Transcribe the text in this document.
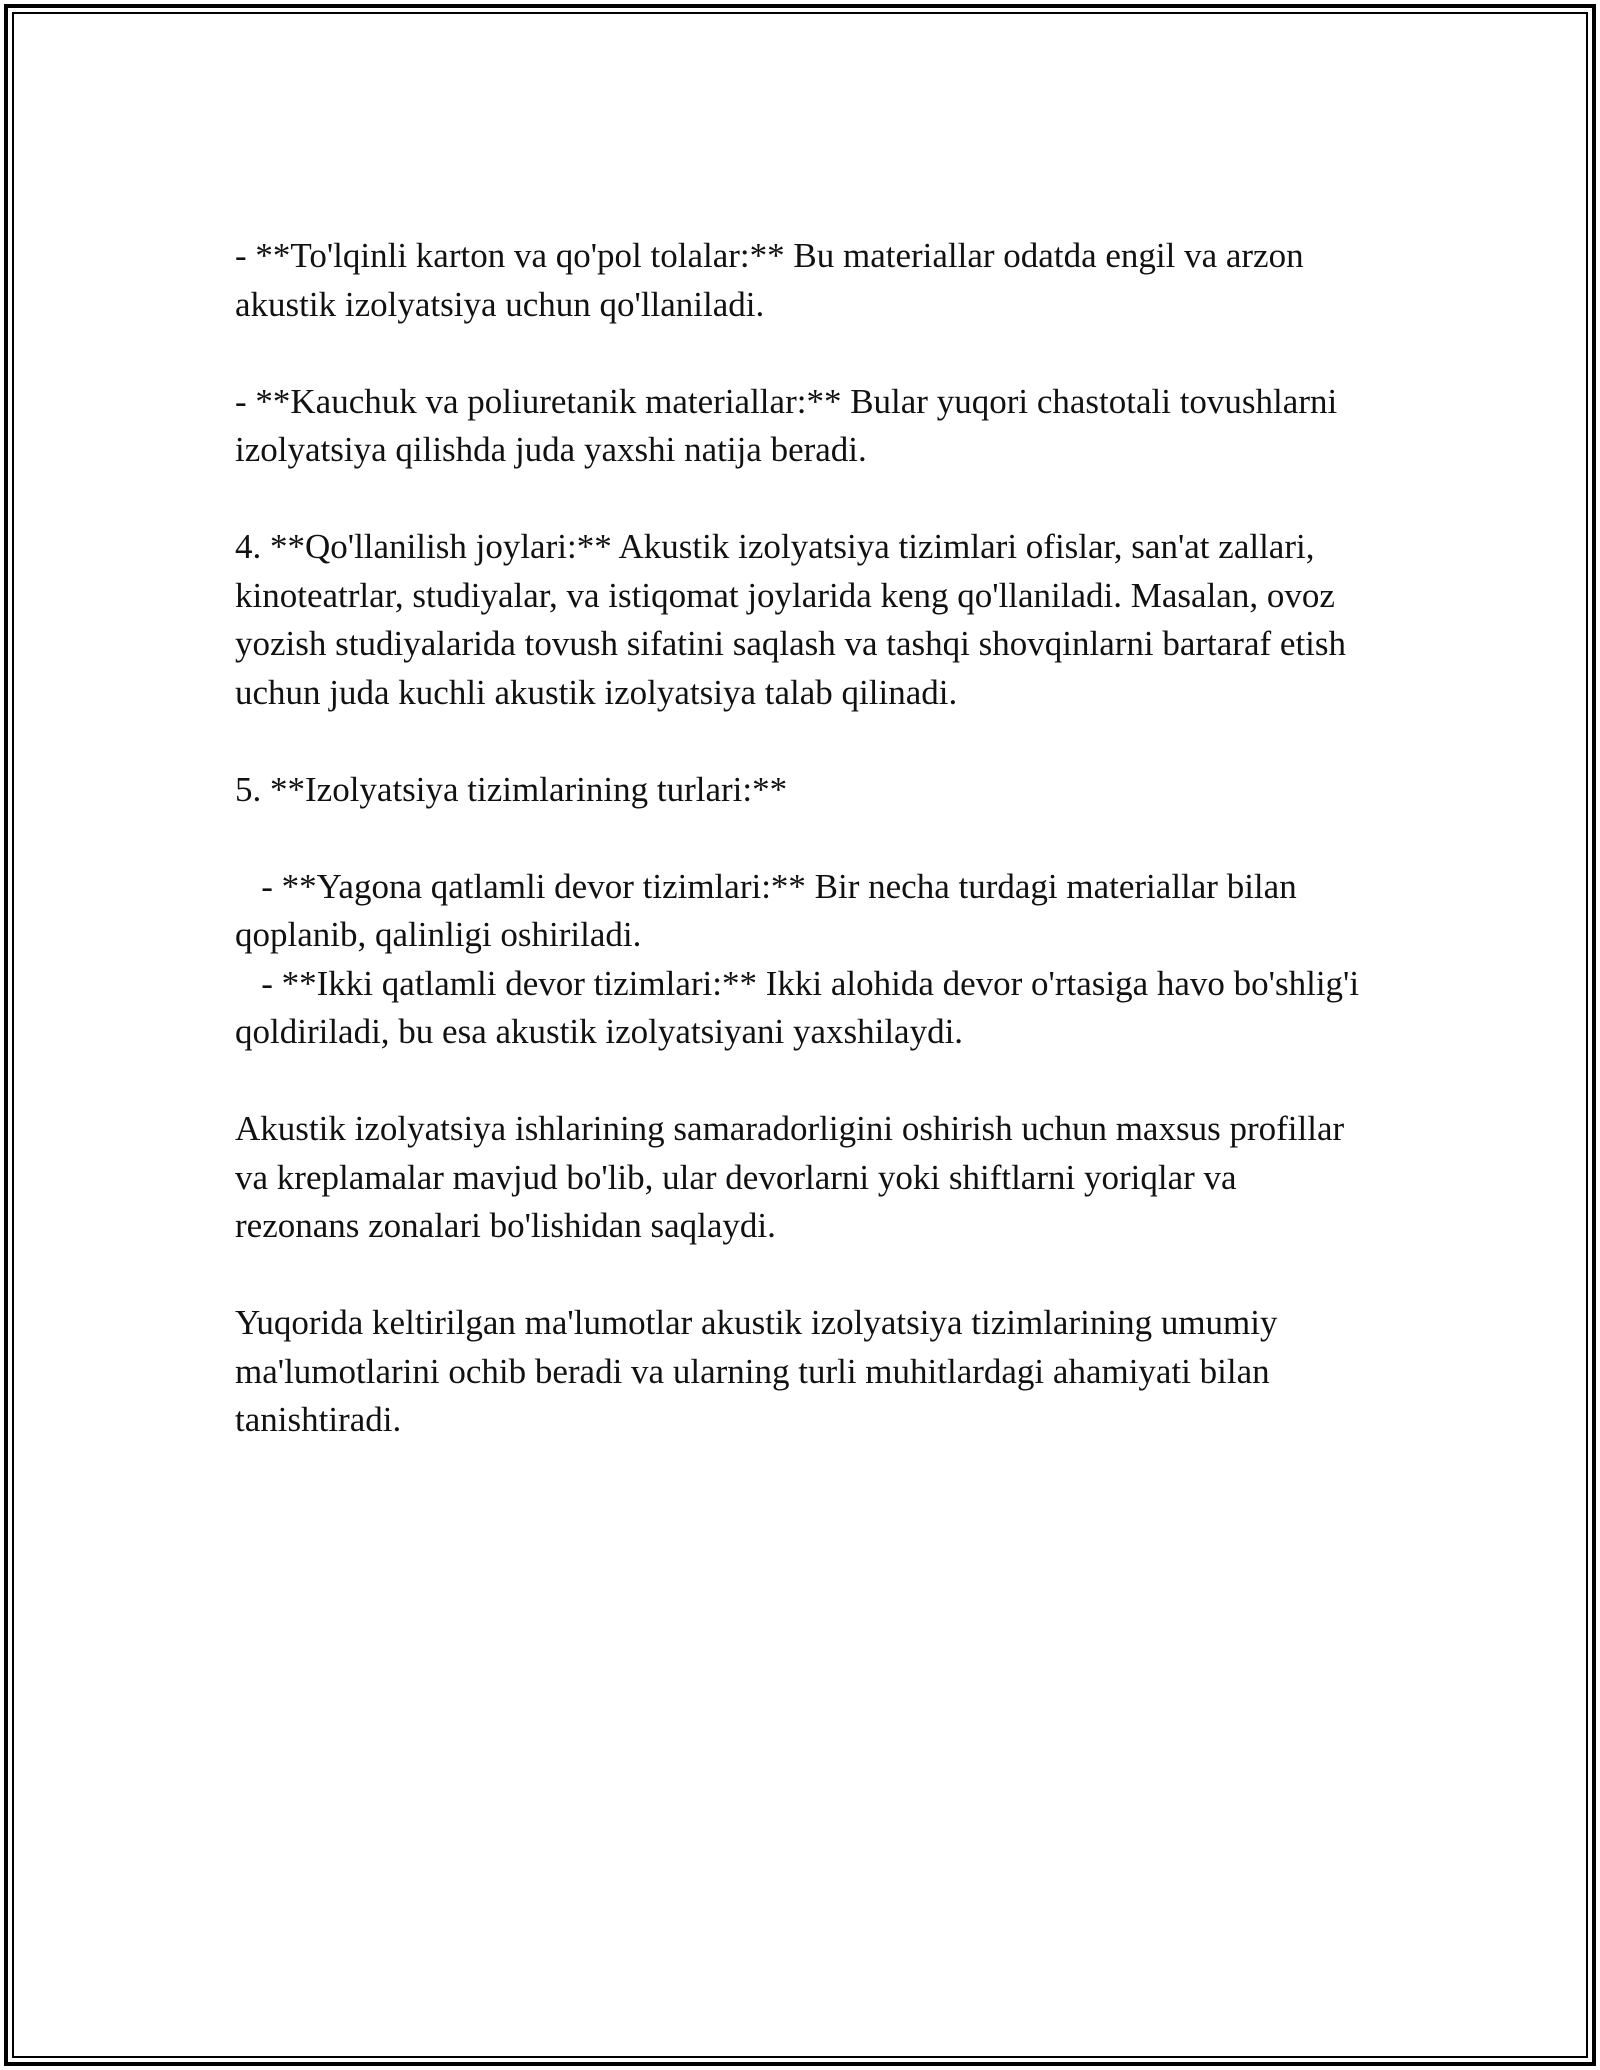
- **To'lqinli karton va qo'pol tolalar:** Bu materiallar odatda engil va arzon akustik izolyatsiya uchun qo'llaniladi.

- **Kauchuk va poliuretanik materiallar:** Bular yuqori chastotali tovushlarni izolyatsiya qilishda juda yaxshi natija beradi.

4. **Qo'llanilish joylari:** Akustik izolyatsiya tizimlari ofislar, san'at zallari, kinoteatrlar, studiyalar, va istiqomat joylarida keng qo'llaniladi. Masalan, ovoz yozish studiyalarida tovush sifatini saqlash va tashqi shovqinlarni bartaraf etish uchun juda kuchli akustik izolyatsiya talab qilinadi.

5. **Izolyatsiya tizimlarining turlari:**

- **Yagona qatlamli devor tizimlari:** Bir necha turdagi materiallar bilan qoplanib, qalinligi oshiriladi.

- **Ikki qatlamli devor tizimlari:** Ikki alohida devor o'rtasiga havo bo'shlig'i qoldiriladi, bu esa akustik izolyatsiyani yaxshilaydi.

Akustik izolyatsiya ishlarining samaradorligini oshirish uchun maxsus profillar va kreplamalar mavjud bo'lib, ular devorlarni yoki shiftlarni yoriqlar va rezonans zonalari bo'lishidan saqlaydi.

Yuqorida keltirilgan ma'lumotlar akustik izolyatsiya tizimlarining umumiy ma'lumotlarini ochib beradi va ularning turli muhitlardagi ahamiyati bilan tanishtiradi.
